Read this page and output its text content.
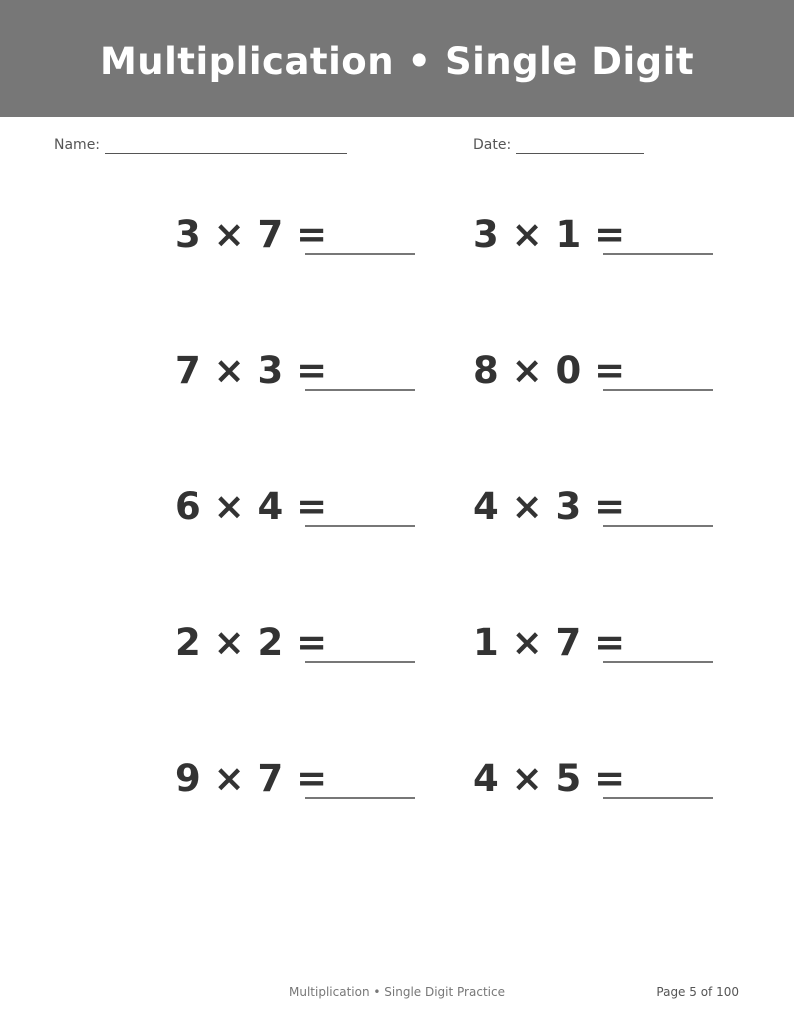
Multiplication • Single Digit
Name:	Date:
3 × 7 =	3 × 1 =
7 × 3 =	8 × 0 =
6 × 4 =	4 × 3 =
2 × 2 =	1 × 7 =
9 × 7 =	4 × 5 =
Multiplication • Single Digit Practice	Page 5 of 100
